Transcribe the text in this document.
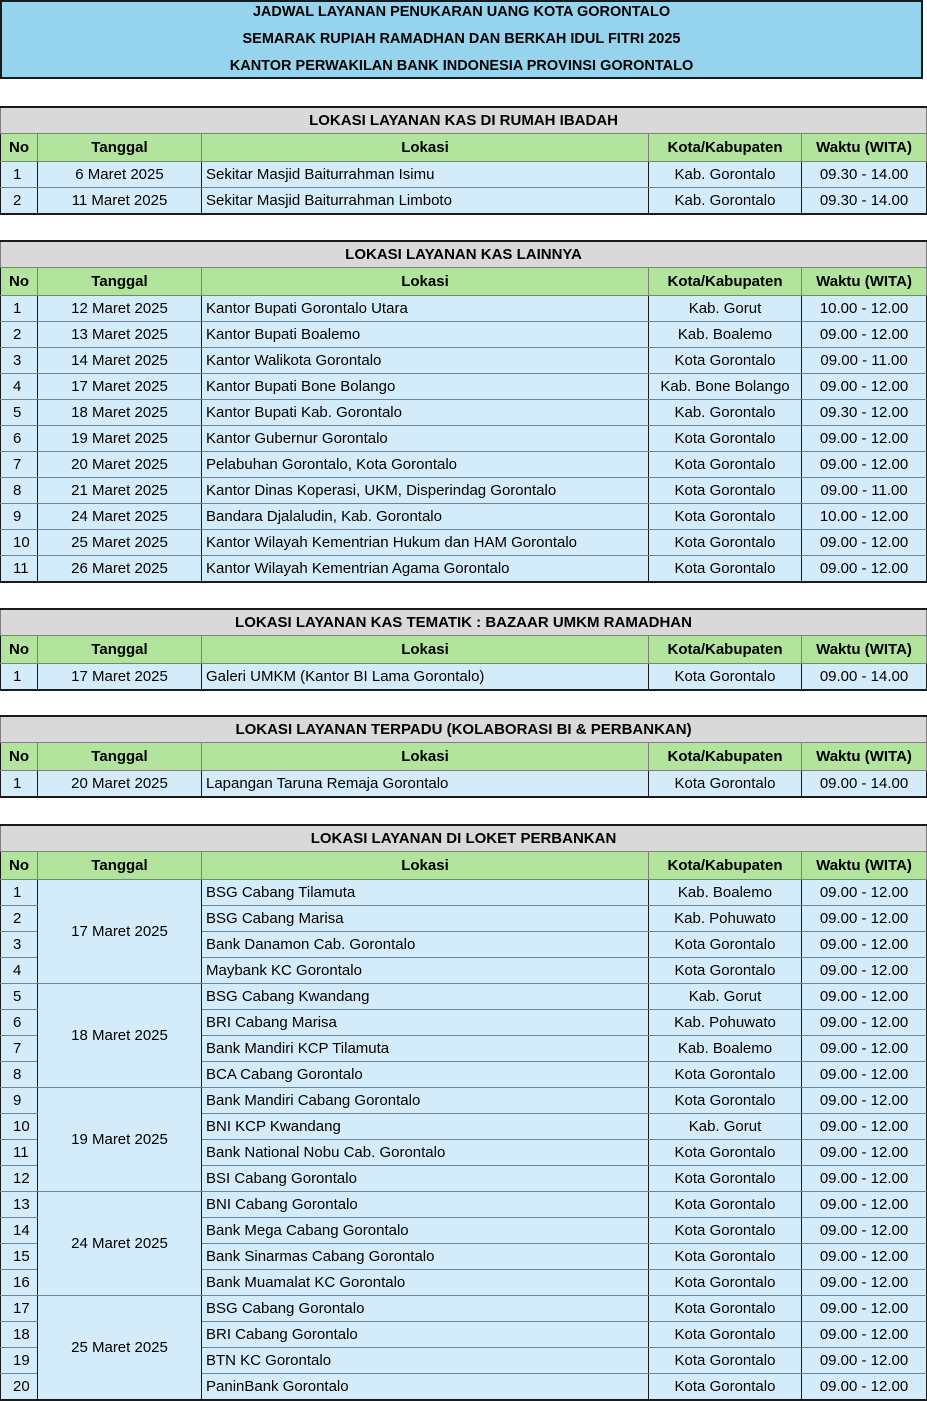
JADWAL LAYANAN PENUKARAN UANG KOTA GORONTALO
SEMARAK RUPIAH RAMADHAN DAN BERKAH IDUL FITRI 2025
KANTOR PERWAKILAN BANK INDONESIA PROVINSI GORONTALO
LOKASI LAYANAN KAS DI RUMAH IBADAH				
No	Tanggal	Lokasi	Kota/Kabupaten	Waktu (WITA)
1	6 Maret 2025	Sekitar Masjid Baiturrahman Isimu	Kab. Gorontalo	09.30 - 14.00
2	11 Maret 2025	Sekitar Masjid Baiturrahman Limboto	Kab. Gorontalo	09.30 - 14.00
LOKASI LAYANAN KAS LAINNYA				
No	Tanggal	Lokasi	Kota/Kabupaten	Waktu (WITA)
1	12 Maret 2025	Kantor Bupati Gorontalo Utara	Kab. Gorut	10.00 - 12.00
2	13 Maret 2025	Kantor Bupati Boalemo	Kab. Boalemo	09.00 - 12.00
3	14 Maret 2025	Kantor Walikota Gorontalo	Kota Gorontalo	09.00 - 11.00
4	17 Maret 2025	Kantor Bupati Bone Bolango	Kab. Bone Bolango	09.00 - 12.00
5	18 Maret 2025	Kantor Bupati Kab. Gorontalo	Kab. Gorontalo	09.30 - 12.00
6	19 Maret 2025	Kantor Gubernur Gorontalo	Kota Gorontalo	09.00 - 12.00
7	20 Maret 2025	Pelabuhan Gorontalo, Kota Gorontalo	Kota Gorontalo	09.00 - 12.00
8	21 Maret 2025	Kantor Dinas Koperasi, UKM, Disperindag Gorontalo	Kota Gorontalo	09.00 - 11.00
9	24 Maret 2025	Bandara Djalaludin, Kab. Gorontalo	Kota Gorontalo	10.00 - 12.00
10	25 Maret 2025	Kantor Wilayah Kementrian Hukum dan HAM Gorontalo	Kota Gorontalo	09.00 - 12.00
11	26 Maret 2025	Kantor Wilayah Kementrian Agama Gorontalo	Kota Gorontalo	09.00 - 12.00
LOKASI LAYANAN KAS TEMATIK : BAZAAR UMKM RAMADHAN				
No	Tanggal	Lokasi	Kota/Kabupaten	Waktu (WITA)
1	17 Maret 2025	Galeri UMKM (Kantor BI Lama Gorontalo)	Kota Gorontalo	09.00 - 14.00
LOKASI LAYANAN TERPADU (KOLABORASI BI & PERBANKAN)				
No	Tanggal	Lokasi	Kota/Kabupaten	Waktu (WITA)
1	20 Maret 2025	Lapangan Taruna Remaja Gorontalo	Kota Gorontalo	09.00 - 14.00
LOKASI LAYANAN DI LOKET PERBANKAN				
No	Tanggal	Lokasi	Kota/Kabupaten	Waktu (WITA)
1	17 Maret 2025	BSG Cabang Tilamuta	Kab. Boalemo	09.00 - 12.00
2		BSG Cabang Marisa	Kab. Pohuwato	09.00 - 12.00
3		Bank Danamon Cab. Gorontalo	Kota Gorontalo	09.00 - 12.00
4		Maybank KC Gorontalo	Kota Gorontalo	09.00 - 12.00
5	18 Maret 2025	BSG Cabang Kwandang	Kab. Gorut	09.00 - 12.00
6		BRI Cabang Marisa	Kab. Pohuwato	09.00 - 12.00
7		Bank Mandiri KCP Tilamuta	Kab. Boalemo	09.00 - 12.00
8		BCA Cabang Gorontalo	Kota Gorontalo	09.00 - 12.00
9	19 Maret 2025	Bank Mandiri Cabang Gorontalo	Kota Gorontalo	09.00 - 12.00
10		BNI KCP Kwandang	Kab. Gorut	09.00 - 12.00
11		Bank National Nobu Cab. Gorontalo	Kota Gorontalo	09.00 - 12.00
12		BSI Cabang Gorontalo	Kota Gorontalo	09.00 - 12.00
13	24 Maret 2025	BNI Cabang Gorontalo	Kota Gorontalo	09.00 - 12.00
14		Bank Mega Cabang Gorontalo	Kota Gorontalo	09.00 - 12.00
15		Bank Sinarmas Cabang Gorontalo	Kota Gorontalo	09.00 - 12.00
16		Bank Muamalat KC Gorontalo	Kota Gorontalo	09.00 - 12.00
17	25 Maret 2025	BSG Cabang Gorontalo	Kota Gorontalo	09.00 - 12.00
18		BRI Cabang Gorontalo	Kota Gorontalo	09.00 - 12.00
19		BTN KC Gorontalo	Kota Gorontalo	09.00 - 12.00
20		PaninBank Gorontalo	Kota Gorontalo	09.00 - 12.00
